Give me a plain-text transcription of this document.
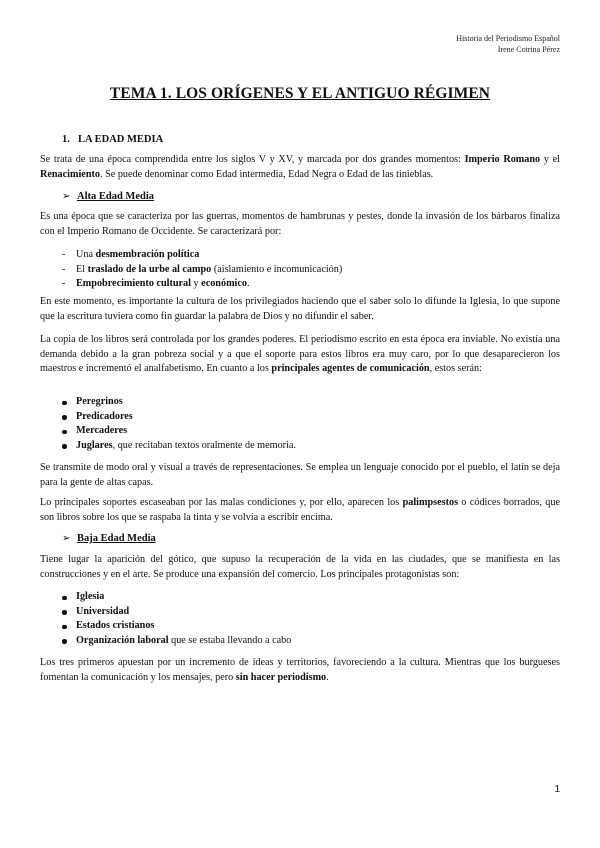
Historia del Periodismo Español
Irene Cotrina Pérez
TEMA 1. LOS ORÍGENES Y EL ANTIGUO RÉGIMEN
1. LA EDAD MEDIA
Se trata de una época comprendida entre los siglos V y XV, y marcada por dos grandes momentos: Imperio Romano y el Renacimiento. Se puede denominar como Edad intermedia, Edad Negra o Edad de las tinieblas.
➢ Alta Edad Media
Es una época que se caracteriza por las guerras, momentos de hambrunas y pestes, donde la invasión de los bárbaros finaliza con el Imperio Romano de Occidente. Se caracterizará por:
- Una desmembración política
- El traslado de la urbe al campo (aislamiento e incomunicación)
- Empobrecimiento cultural y económico.
En este momento, es importante la cultura de los privilegiados haciendo que el saber solo lo difunde la Iglesia, lo que supone que la escritura tuviera como fin guardar la palabra de Dios y no difundir el saber.
La copia de los libros será controlada por los grandes poderes. El periodismo escrito en esta época era inviable. No existía una demanda debido a la gran pobreza social y a que el soporte para estos libros era muy caro, por lo que desaparecieron los maestros e incrementó el analfabetismo. En cuanto a los principales agentes de comunicación, estos serán:
Peregrinos
Predicadores
Mercaderes
Juglares, que recitaban textos oralmente de memoria.
Se transmite de modo oral y visual a través de representaciones. Se emplea un lenguaje conocido por el pueblo, el latín se deja para la gente de altas capas.
Lo principales soportes escaseaban por las malas condiciones y, por ello, aparecen los palimpsestos o códices borrados, que son libros sobre los que se raspaba la tinta y se volvía a escribir encima.
➢ Baja Edad Media
Tiene lugar la aparición del gótico, que supuso la recuperación de la vida en las ciudades, que se manifiesta en las construcciones y en el arte. Se produce una expansión del comercio. Los principales protagonistas son:
Iglesia
Universidad
Estados cristianos
Organización laboral que se estaba llevando a cabo
Los tres primeros apuestan por un incremento de ideas y territorios, favoreciendo a la cultura. Mientras que los burgueses fomentan la comunicación y los mensajes, pero sin hacer periodismo.
1
